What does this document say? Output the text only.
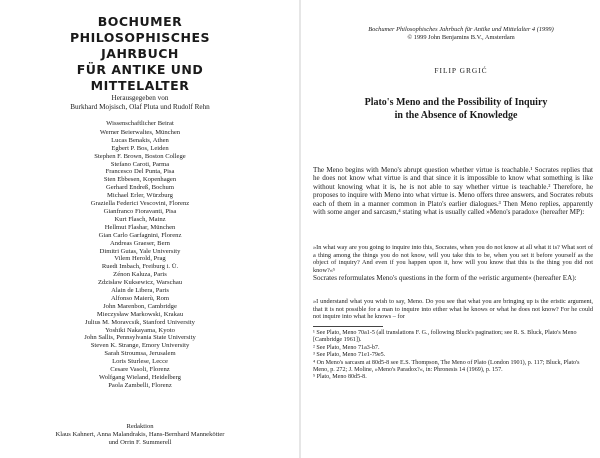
BOCHUMER
PHILOSOPHISCHES
JAHRBUCH
FÜR ANTIKE UND
MITTELALTER
Herausgegeben von
Burkhard Mojsisch, Olaf Pluta und Rudolf Rehn
Wissenschaftlicher Beirat
Werner Beierwaltes, München
Lucas Benakis, Athen
Egbert P. Bos, Leiden
Stephen F. Brown, Boston College
Stefano Caroti, Parma
Francesco Del Punta, Pisa
Sten Ebbesen, Kopenhagen
Gerhard Endreß, Bochum
Michael Erler, Würzburg
Graziella Federici Vescovini, Florenz
Gianfranco Fioravanti, Pisa
Kurt Flasch, Mainz
Hellmut Flashar, München
Gian Carlo Garfagnini, Florenz
Andreas Graeser, Bern
Dimitri Gutas, Yale University
Vilem Herold, Prag
Ruedi Imbach, Freiburg i. Ü.
Zénon Kaluza, Paris
Zdzisław Kuksewicz, Warschau
Alain de Libera, Paris
Alfonso Maierù, Rom
John Marenbon, Cambridge
Mieczysław Markowski, Krakau
Julius M. Moravcsik, Stanford University
Yoshiki Nakayama, Kyoto
John Sallis, Pennsylvania State University
Steven K. Strange, Emory University
Sarah Stroumsa, Jerusalem
Loris Sturlese, Lecce
Cesare Vasoli, Florenz
Wolfgang Wieland, Heidelberg
Paola Zambelli, Florenz
Redaktion
Klaus Kahnert, Anna Malandrakis, Hans-Bernhard Mannekötter
und Orrin F. Summerell
Bochumer Philosophisches Jahrbuch für Antike und Mittelalter 4 (1999)
© 1999 John Benjamins B.V., Amsterdam
FILIP GRGIĆ
Plato's Meno and the Possibility of Inquiry
in the Absence of Knowledge

The Meno begins with Meno's abrupt question whether virtue is teachable.¹ Socrates replies that he does not know what virtue is and that since it is impossible to know what something is like without knowing what it is, he is not able to say whether virtue is teachable.² Therefore, he proposes to inquire with Meno into what virtue is. Meno offers three answers, and Socrates rebuts each of them in a manner common in Plato's earlier dialogues.³ Then Meno replies, apparently with some anger and sarcasm,⁴ stating what is usually called »Meno's paradox« (hereafter MP):

»In what way are you going to inquire into this, Socrates, when you do not know at all what it is? What sort of a thing among the things you do not know, will you take this to be, when you set it before yourself as the object of inquiry? And even if you happen upon it, how will you know that this is the thing you did not know?«⁵

Socrates reformulates Meno's questions in the form of the »eristic argument« (hereafter EA):

»I understand what you wish to say, Meno. Do you see that what you are bringing up is the eristic argument, that it is not possible for a man to inquire into either what he knows or what he does not know? For he could not inquire into what he knows – for

¹ See Plato, Meno 70a1-5 (all translations F. G., following Bluck's pagination; see R. S. Bluck, Plato's Meno [Cambridge 1961]).
² See Plato, Meno 71a3-b7.
³ See Plato, Meno 71e1-79e5.
⁴ On Meno's sarcasm at 80d5-8 see E.S. Thompson, The Meno of Plato (London 1901), p. 117; Bluck, Plato's Meno, p. 272; J. Moline, »Meno's Paradox?«, in: Phronesis 14 (1969), p. 157.
⁵ Plato, Meno 80d5-8.
